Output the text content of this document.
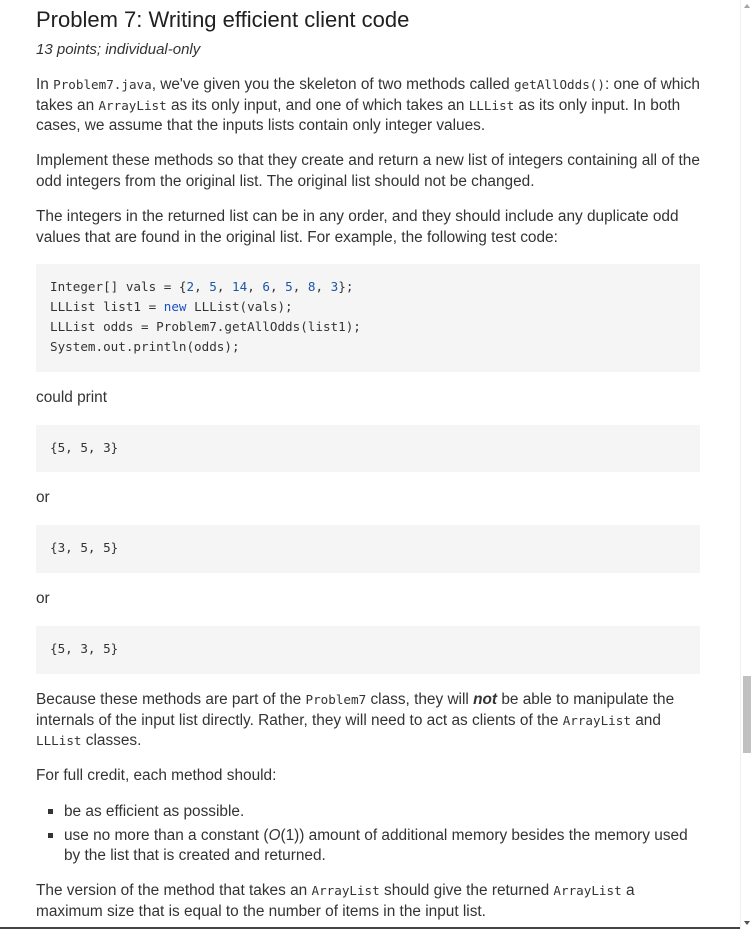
Problem 7: Writing efficient client code
13 points; individual-only
In Problem7.java, we've given you the skeleton of two methods called getAllOdds(): one of which takes an ArrayList as its only input, and one of which takes an LLList as its only input. In both cases, we assume that the inputs lists contain only integer values.
Implement these methods so that they create and return a new list of integers containing all of the odd integers from the original list. The original list should not be changed.
The integers in the returned list can be in any order, and they should include any duplicate odd values that are found in the original list. For example, the following test code:
Integer[] vals = {2, 5, 14, 6, 5, 8, 3};
LLList list1 = new LLList(vals);
LLList odds = Problem7.getAllOdds(list1);
System.out.println(odds);
could print
{5, 5, 3}
or
{3, 5, 5}
or
{5, 3, 5}
Because these methods are part of the Problem7 class, they will not be able to manipulate the internals of the input list directly. Rather, they will need to act as clients of the ArrayList and LLList classes.
For full credit, each method should:
be as efficient as possible.
use no more than a constant (O(1)) amount of additional memory besides the memory used by the list that is created and returned.
The version of the method that takes an ArrayList should give the returned ArrayList a maximum size that is equal to the number of items in the input list.
